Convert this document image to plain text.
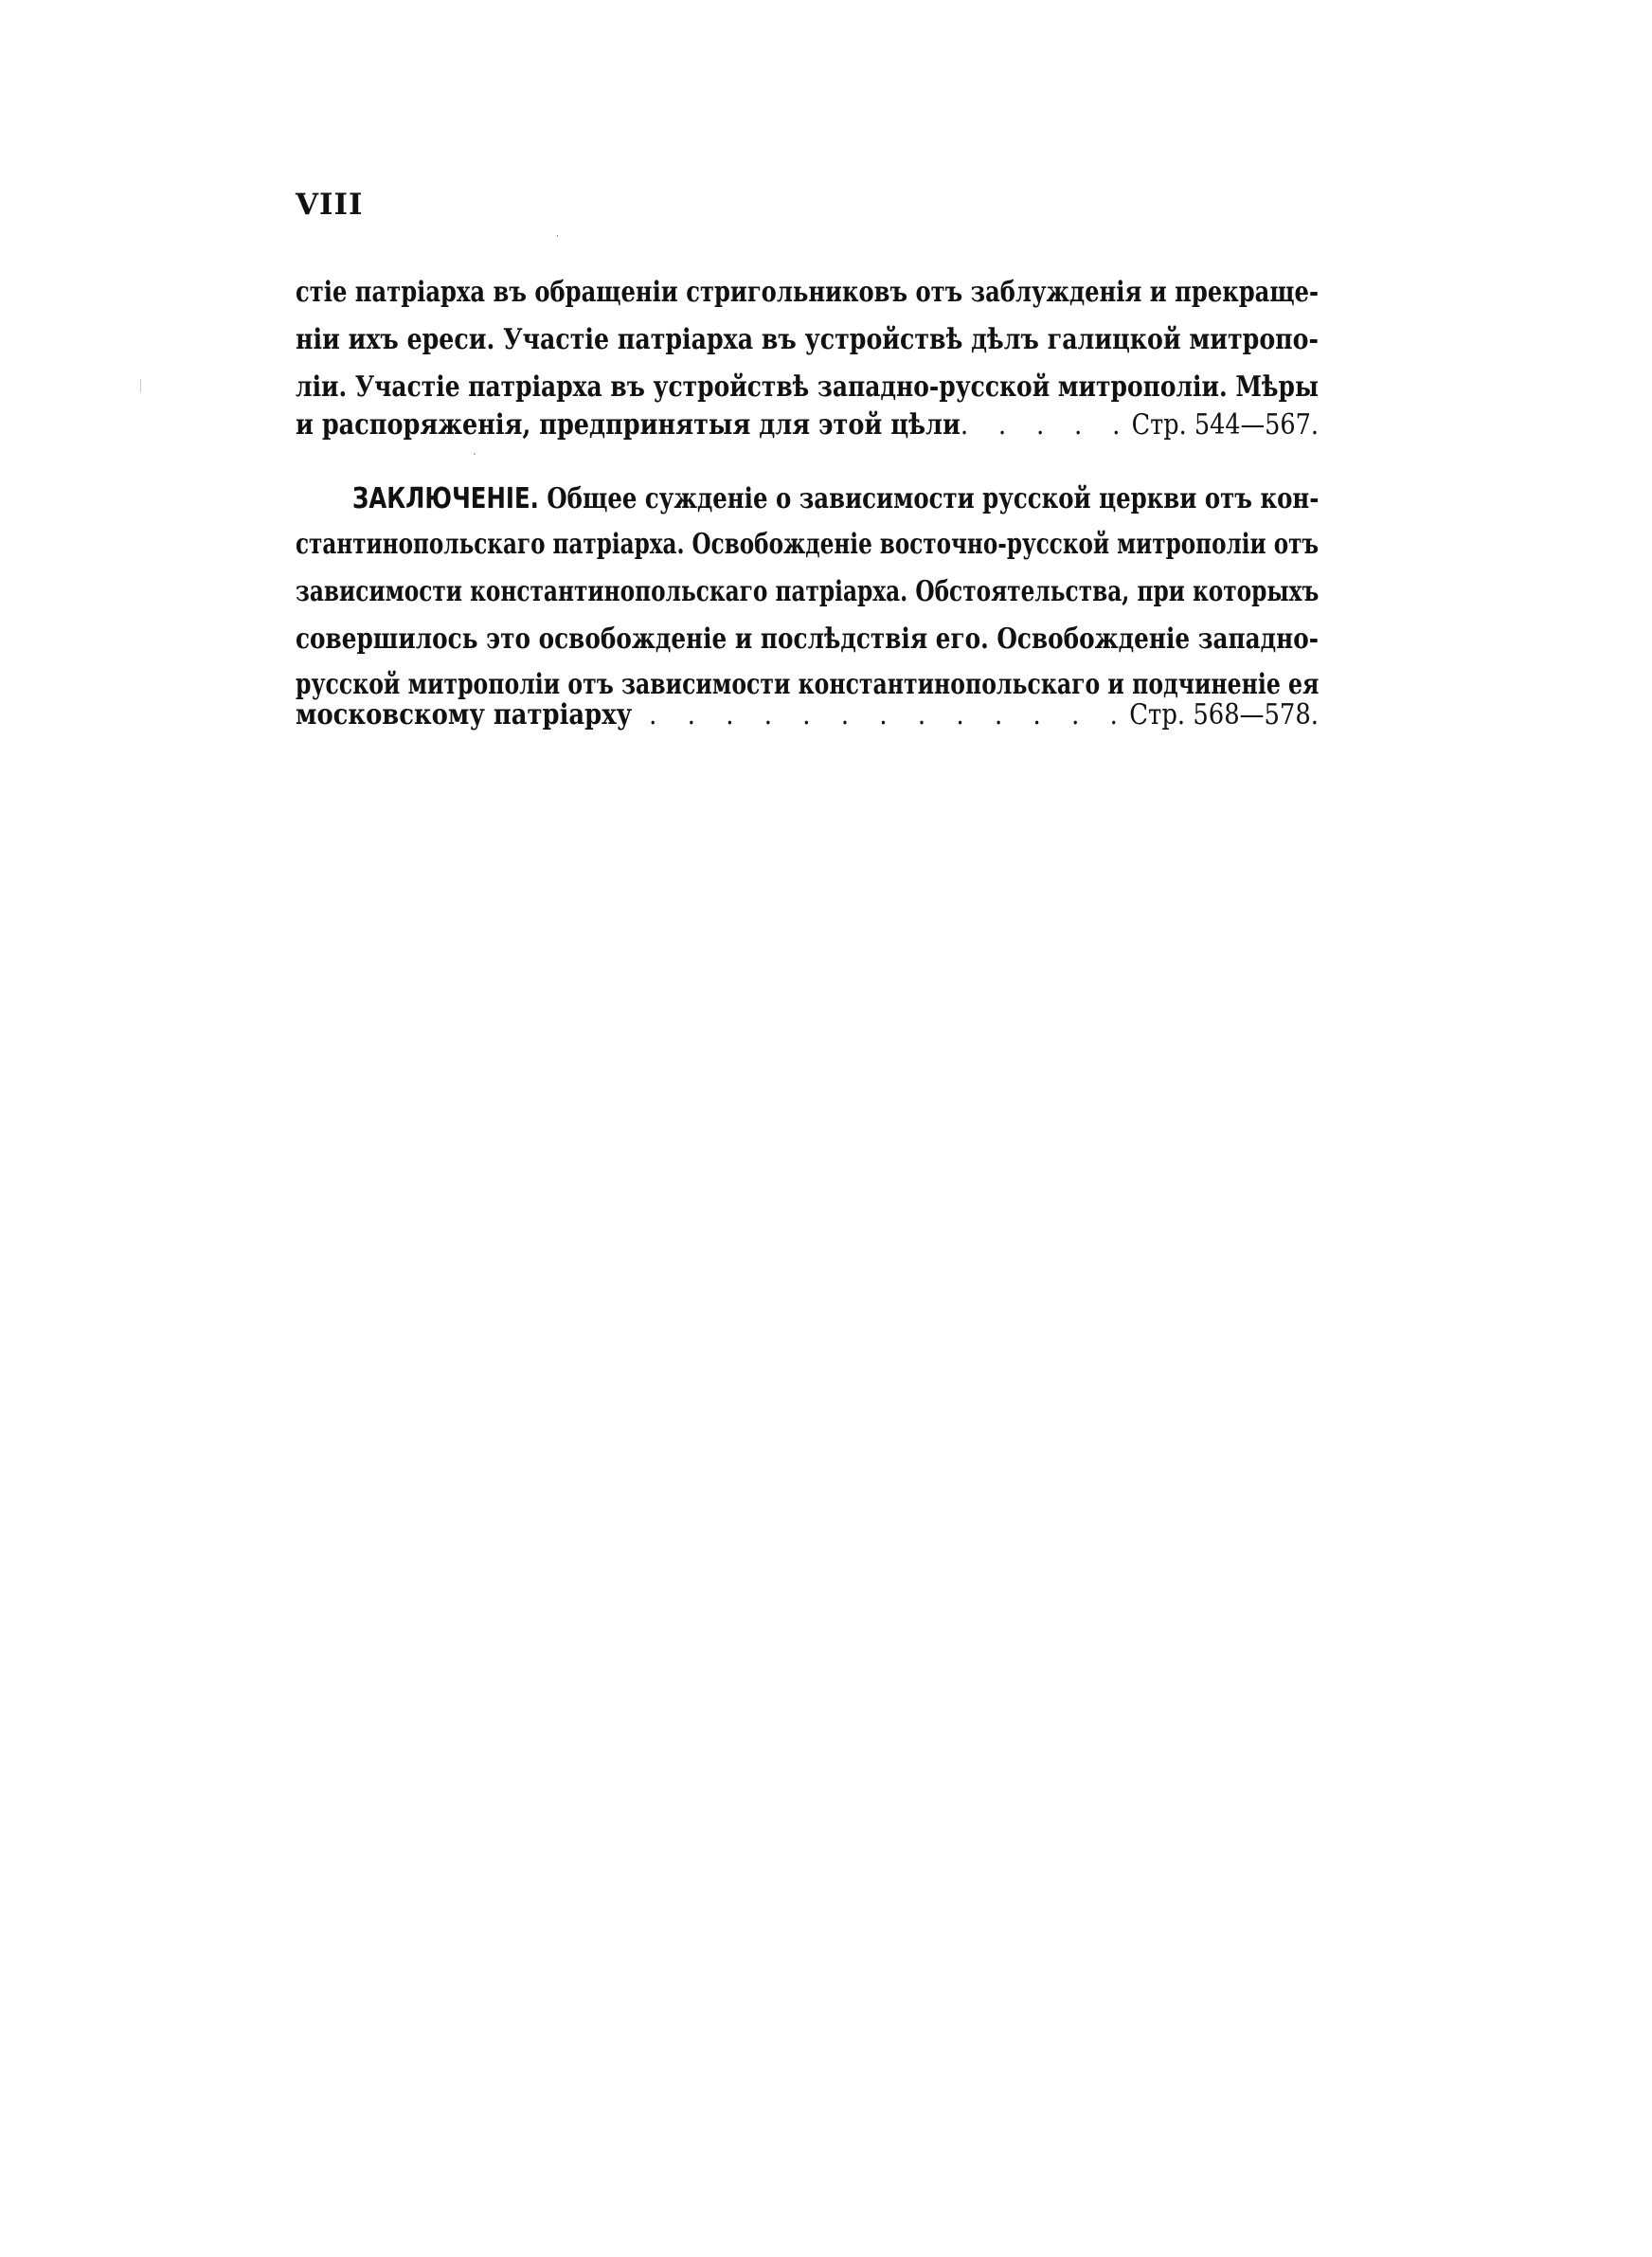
VIII
стіе патріарха въ обращеніи стригольниковъ отъ заблужденія и прекраще-
ніи ихъ ереси. Участіе патріарха въ устройствѣ дѣлъ галицкой митропо-
ліи. Участіе патріарха въ устройствѣ западно-русской митрополіи. Мѣры
и распоряженія, предпринятыя для этой цѣли. . . . . Стр. 544—567.
ЗАКЛЮЧЕНІЕ. Общее сужденіе о зависимости русской церкви отъ кон-
стантинопольскаго патріарха. Освобожденіе восточно-русской митрополіи отъ
зависимости константинопольскаго патріарха. Обстоятельства, при которыхъ
совершилось это освобожденіе и послѣдствія его. Освобожденіе западно-
русской митрополіи отъ зависимости константинопольскаго и подчиненіе ея
московскому патріарху . . . . . . . . . . . . . Стр. 568—578.
